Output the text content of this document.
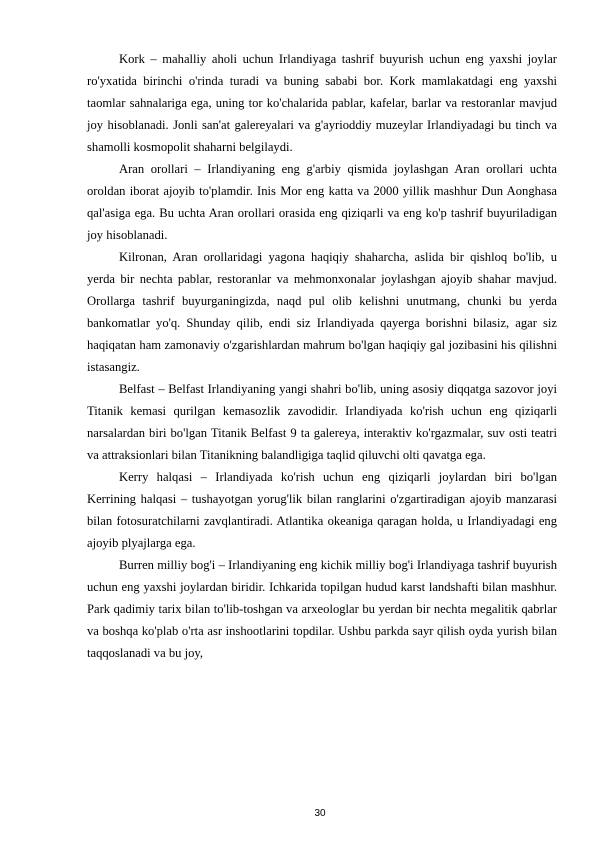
Kork – mahalliy aholi uchun Irlandiyaga tashrif buyurish uchun eng yaxshi joylar ro'yxatida birinchi o'rinda turadi va buning sababi bor. Kork mamlakatdagi eng yaxshi taomlar sahnalariga ega, uning tor ko'chalarida pablar, kafelar, barlar va restoranlar mavjud joy hisoblanadi. Jonli san'at galereyalari va g'ayrioddiy muzeylar Irlandiyadagi bu tinch va shamolli kosmopolit shaharni belgilaydi.

Aran orollari – Irlandiyaning eng g'arbiy qismida joylashgan Aran orollari uchta oroldan iborat ajoyib to'plamdir. Inis Mor eng katta va 2000 yillik mashhur Dun Aonghasa qal'asiga ega. Bu uchta Aran orollari orasida eng qiziqarli va eng ko'p tashrif buyuriladigan joy hisoblanadi.

Kilronan, Aran orollaridagi yagona haqiqiy shaharcha, aslida bir qishloq bo'lib, u yerda bir nechta pablar, restoranlar va mehmonxonalar joylashgan ajoyib shahar mavjud. Orollarga tashrif buyurganingizda, naqd pul olib kelishni unutmang, chunki bu yerda bankomatlar yo'q. Shunday qilib, endi siz Irlandiyada qayerga borishni bilasiz, agar siz haqiqatan ham zamonaviy o'zgarishlardan mahrum bo'lgan haqiqiy gal jozibasini his qilishni istasangiz.

Belfast – Belfast Irlandiyaning yangi shahri bo'lib, uning asosiy diqqatga sazovor joyi Titanik kemasi qurilgan kemasozlik zavodidir. Irlandiyada ko'rish uchun eng qiziqarli narsalardan biri bo'lgan Titanik Belfast 9 ta galereya, interaktiv ko'rgazmalar, suv osti teatri va attraksionlari bilan Titanikning balandligiga taqlid qiluvchi olti qavatga ega.

Kerry halqasi – Irlandiyada ko'rish uchun eng qiziqarli joylardan biri bo'lgan Kerrining halqasi – tushayotgan yorug'lik bilan ranglarini o'zgartiradigan ajoyib manzarasi bilan fotosuratchilarni zavqlantiradi. Atlantika okeaniga qaragan holda, u Irlandiyadagi eng ajoyib plyajlarga ega.

Burren milliy bog'i – Irlandiyaning eng kichik milliy bog'i Irlandiyaga tashrif buyurish uchun eng yaxshi joylardan biridir. Ichkarida topilgan hudud karst landshafti bilan mashhur. Park qadimiy tarix bilan to'lib-toshgan va arxeologlar bu yerdan bir nechta megalitik qabrlar va boshqa ko'plab o'rta asr inshootlarini topdilar. Ushbu parkda sayr qilish oyda yurish bilan taqqoslanadi va bu joy,

30
